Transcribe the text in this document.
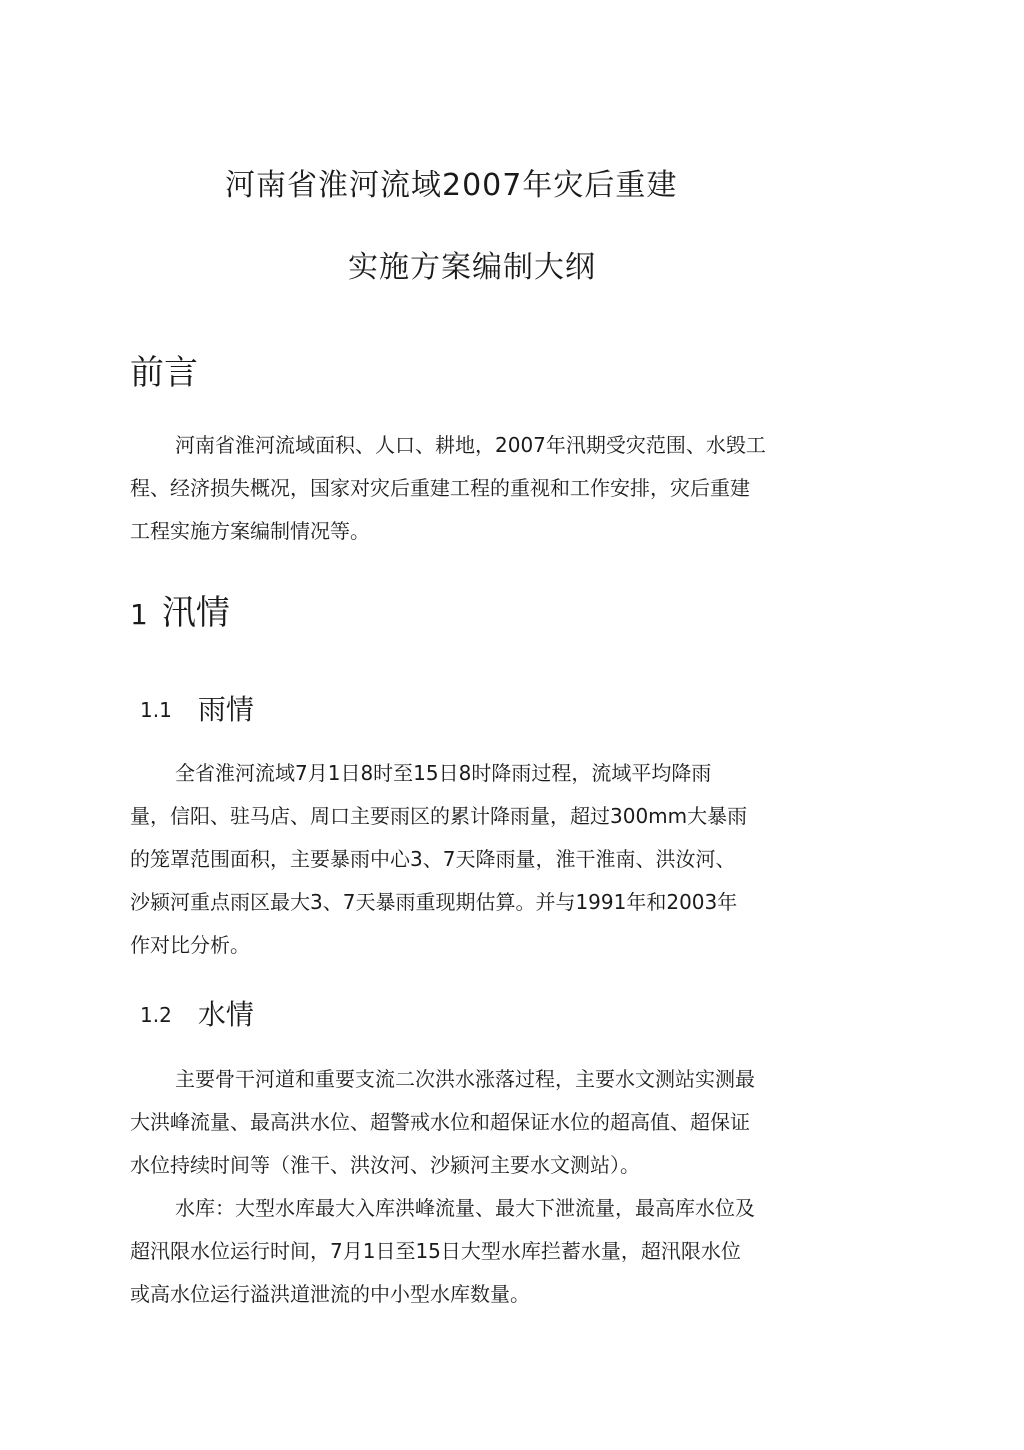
河南省淮河流域2007年灾后重建
实施方案编制大纲
前言

河南省淮河流域面积、人口、耕地，2007年汛期受灾范围、水毁工
程、经济损失概况，国家对灾后重建工程的重视和工作安排，灾后重建
工程实施方案编制情况等。

1 汛情
1.1 雨情

全省淮河流域7月1日8时至15日8时降雨过程，流域平均降雨
量，信阳、驻马店、周口主要雨区的累计降雨量，超过300mm大暴雨
的笼罩范围面积，主要暴雨中心3、7天降雨量，淮干淮南、洪汝河、
沙颍河重点雨区最大3、7天暴雨重现期估算。并与1991年和2003年
作对比分析。

1.2 水情

主要骨干河道和重要支流二次洪水涨落过程，主要水文测站实测最
大洪峰流量、最高洪水位、超警戒水位和超保证水位的超高值、超保证
水位持续时间等（淮干、洪汝河、沙颍河主要水文测站）。

水库：大型水库最大入库洪峰流量、最大下泄流量，最高库水位及
超汛限水位运行时间，7月1日至15日大型水库拦蓄水量，超汛限水位
或高水位运行溢洪道泄流的中小型水库数量。
